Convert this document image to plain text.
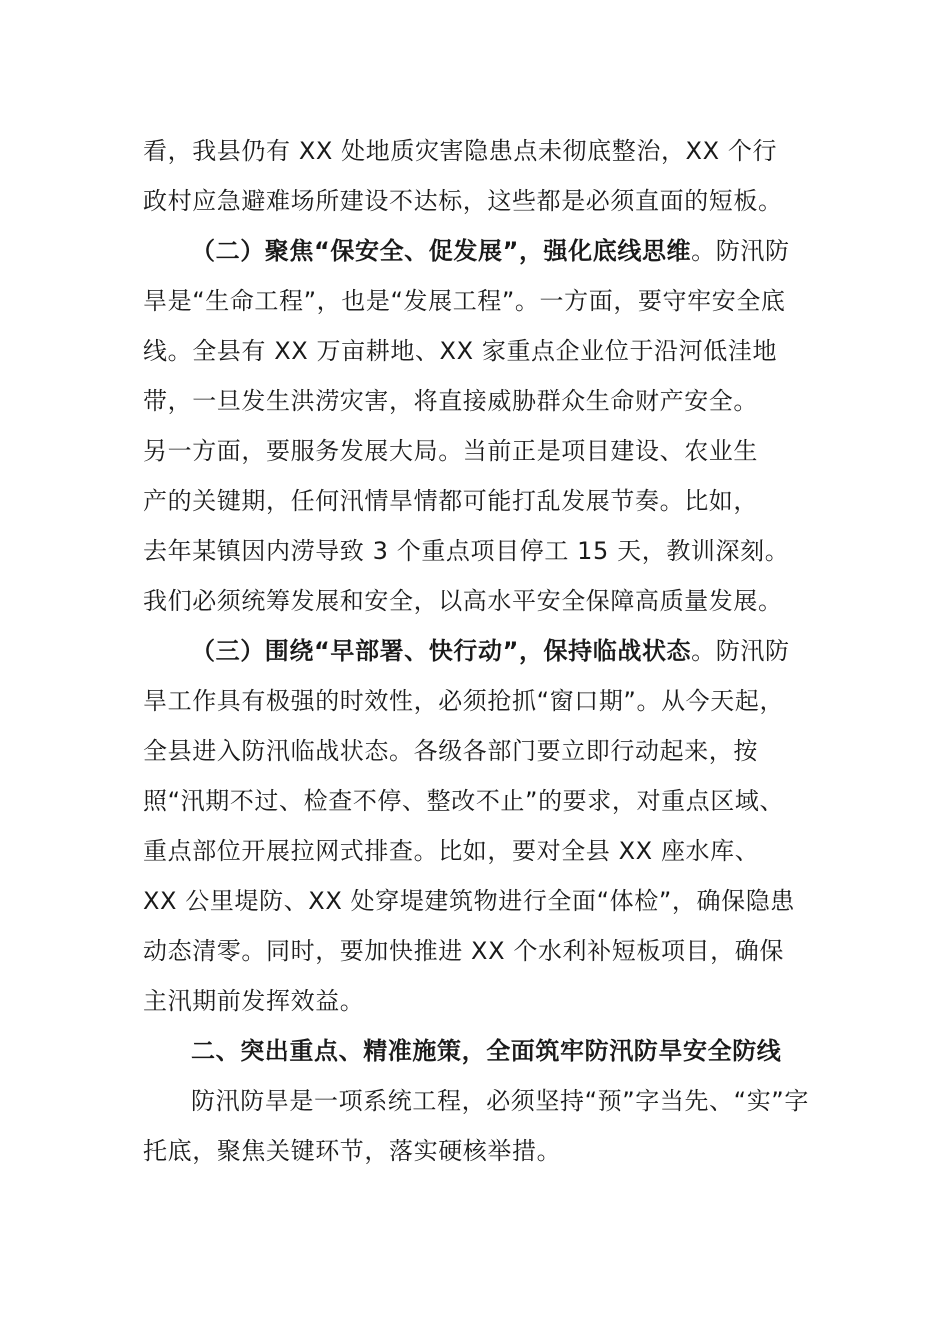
看，我县仍有 XX 处地质灾害隐患点未彻底整治，XX 个行
政村应急避难场所建设不达标，这些都是必须直面的短板。
（二）聚焦“保安全、促发展”，强化底线思维。防汛防
旱是“生命工程”，也是“发展工程”。一方面，要守牢安全底
线。全县有 XX 万亩耕地、XX 家重点企业位于沿河低洼地
带，一旦发生洪涝灾害，将直接威胁群众生命财产安全。
另一方面，要服务发展大局。当前正是项目建设、农业生
产的关键期，任何汛情旱情都可能打乱发展节奏。比如，
去年某镇因内涝导致 3 个重点项目停工 15 天，教训深刻。
我们必须统筹发展和安全，以高水平安全保障高质量发展。
（三）围绕“早部署、快行动”，保持临战状态。防汛防
旱工作具有极强的时效性，必须抢抓“窗口期”。从今天起，
全县进入防汛临战状态。各级各部门要立即行动起来，按
照“汛期不过、检查不停、整改不止”的要求，对重点区域、
重点部位开展拉网式排查。比如，要对全县 XX 座水库、
XX 公里堤防、XX 处穿堤建筑物进行全面“体检”，确保隐患
动态清零。同时，要加快推进 XX 个水利补短板项目，确保
主汛期前发挥效益。
二、突出重点、精准施策，全面筑牢防汛防旱安全防线
防汛防旱是一项系统工程，必须坚持“预”字当先、“实”字
托底，聚焦关键环节，落实硬核举措。
